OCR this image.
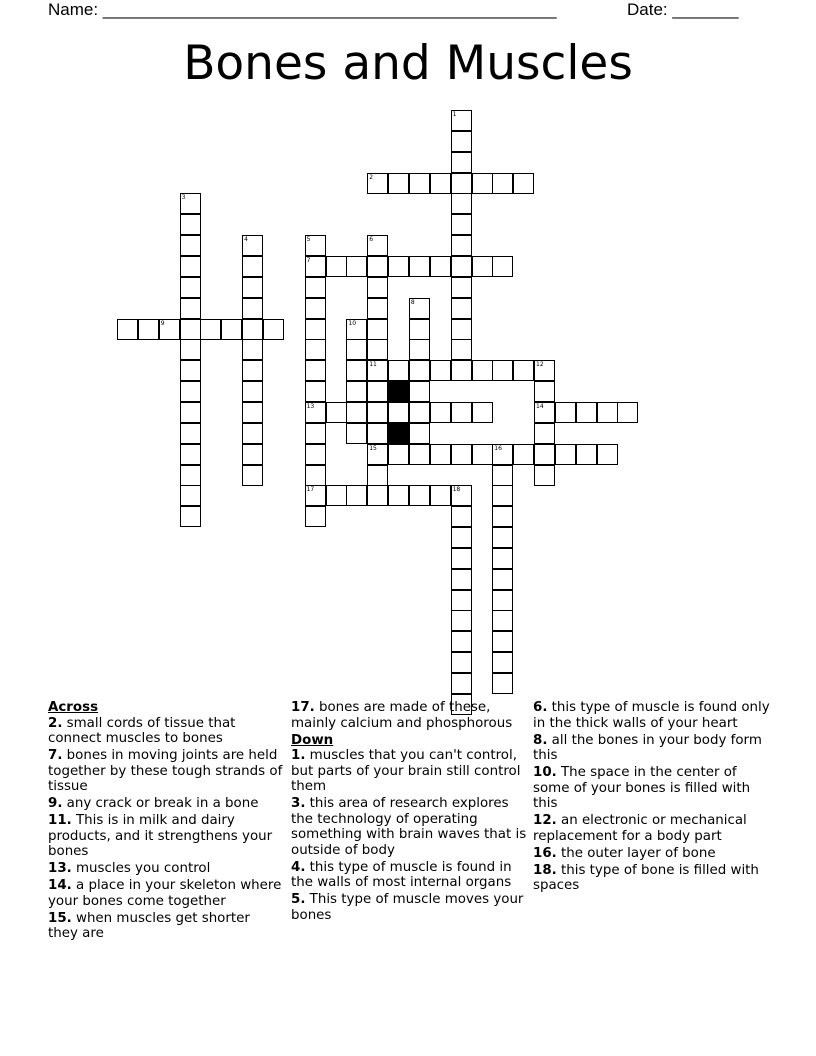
Name: ________________________________________________	Date: _______
Bones and Muscles
2
7
9
11
13	14
15	16
17	18
1
3
4	5	6
8
10
12
Across
2. small cords of tissue that connect muscles to bones
7. bones in moving joints are held together by these tough strands of tissue
9. any crack or break in a bone
11. This is in milk and dairy products, and it strengthens your bones
13. muscles you control
14. a place in your skeleton where your bones come together
15. when muscles get shorter they are
17. bones are made of these, mainly calcium and phosphorous
Down
1. muscles that you can't control, but parts of your brain still control them
3. this area of research explores the technology of operating something with brain waves that is outside of body
4. this type of muscle is found in the walls of most internal organs
5. This type of muscle moves your bones
6. this type of muscle is found only in the thick walls of your heart
8. all the bones in your body form this
10. The space in the center of some of your bones is filled with this
12. an electronic or mechanical replacement for a body part
16. the outer layer of bone
18. this type of bone is filled with spaces
